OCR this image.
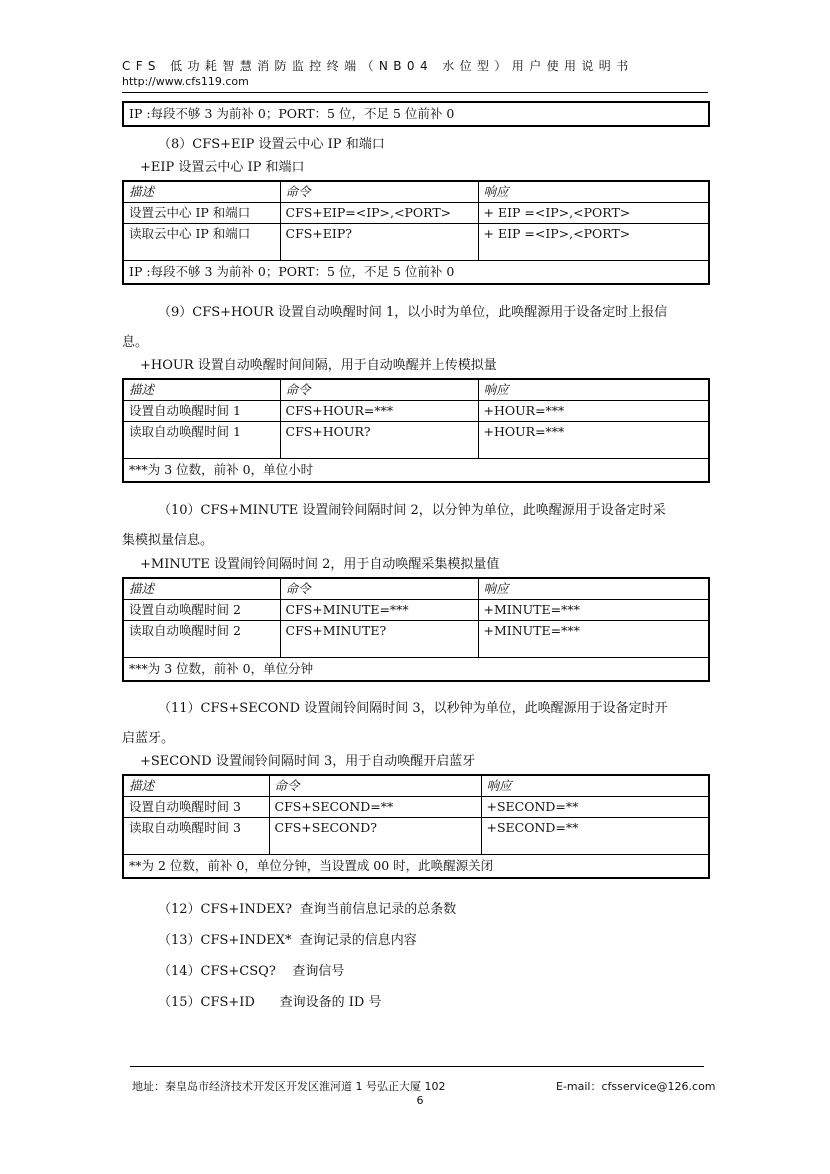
CFS 低功耗智慧消防监控终端（NB04 水位型）用户使用说明书
http://www.cfs119.com
IP :每段不够 3 为前补 0；PORT：5 位，不足 5 位前补 0
（8）CFS+EIP 设置云中心 IP 和端口
+EIP 设置云中心 IP 和端口
描述	命令	响应
设置云中心 IP 和端口	CFS+EIP=<IP>,<PORT>	+ EIP =<IP>,<PORT>
读取云中心 IP 和端口	CFS+EIP?	+ EIP =<IP>,<PORT>
IP :每段不够 3 为前补 0；PORT：5 位，不足 5 位前补 0		
（9）CFS+HOUR 设置自动唤醒时间 1，以小时为单位，此唤醒源用于设备定时上报信息。
+HOUR 设置自动唤醒时间间隔，用于自动唤醒并上传模拟量
描述	命令	响应
设置自动唤醒时间 1	CFS+HOUR=***	+HOUR=***
读取自动唤醒时间 1	CFS+HOUR?	+HOUR=***
***为 3 位数，前补 0，单位小时		
（10）CFS+MINUTE 设置闹铃间隔时间 2，以分钟为单位，此唤醒源用于设备定时采集模拟量信息。
+MINUTE 设置闹铃间隔时间 2，用于自动唤醒采集模拟量值
描述	命令	响应
设置自动唤醒时间 2	CFS+MINUTE=***	+MINUTE=***
读取自动唤醒时间 2	CFS+MINUTE?	+MINUTE=***
***为 3 位数，前补 0，单位分钟		
（11）CFS+SECOND 设置闹铃间隔时间 3，以秒钟为单位，此唤醒源用于设备定时开启蓝牙。
+SECOND 设置闹铃间隔时间 3，用于自动唤醒开启蓝牙
描述	命令	响应
设置自动唤醒时间 3	CFS+SECOND=**	+SECOND=**
读取自动唤醒时间 3	CFS+SECOND?	+SECOND=**
**为 2 位数，前补 0，单位分钟，当设置成 00 时，此唤醒源关闭		
（12）CFS+INDEX?  查询当前信息记录的总条数
（13）CFS+INDEX*  查询记录的信息内容
（14）CFS+CSQ?    查询信号
（15）CFS+ID      查询设备的 ID 号
地址：秦皇岛市经济技术开发区开发区淮河道 1 号弘正大厦 102	E-mail：cfsservice@126.com
6
